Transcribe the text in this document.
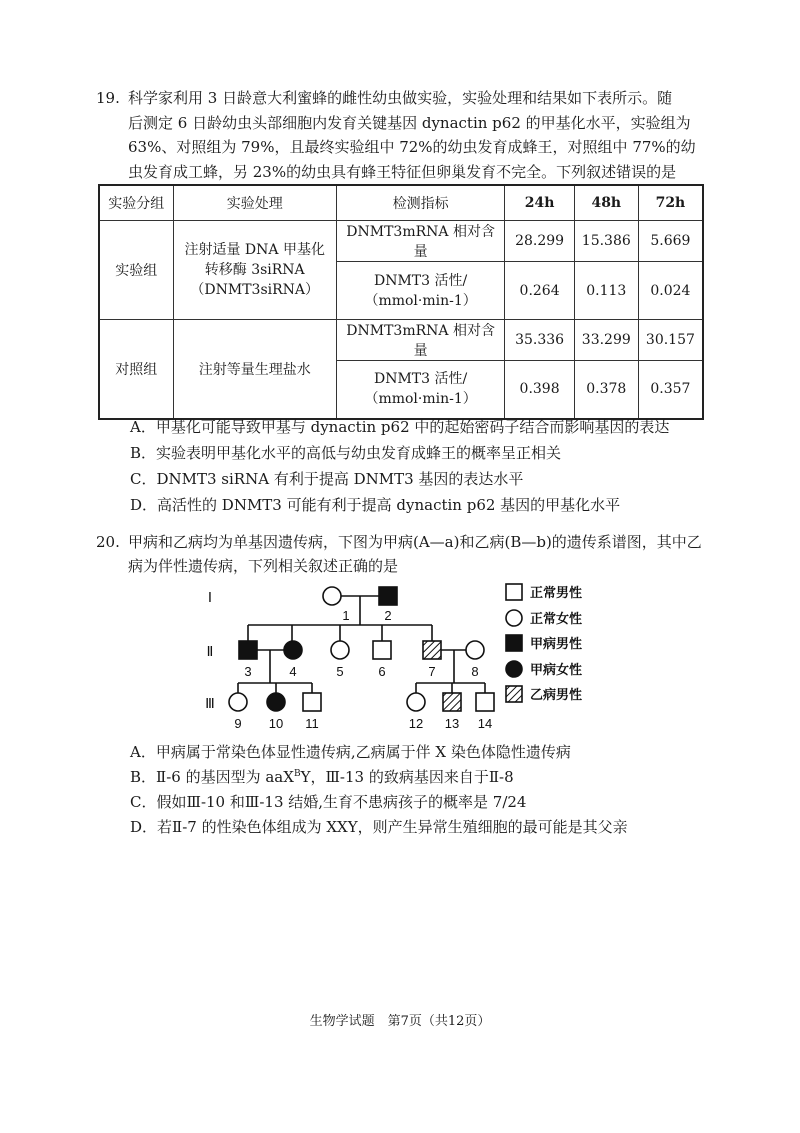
19. 科学家利用 3 日龄意大利蜜蜂的雌性幼虫做实验，实验处理和结果如下表所示。随
后测定 6 日龄幼虫头部细胞内发育关键基因 dynactin p62 的甲基化水平，实验组为
63%、对照组为 79%，且最终实验组中 72%的幼虫发育成蜂王，对照组中 77%的幼
虫发育成工蜂，另 23%的幼虫具有蜂王特征但卵巢发育不完全。下列叙述错误的是
实验分组	实验处理	检测指标	24h	48h	72h
实验组	注射适量 DNA 甲基化
转移酶 3siRNA
（DNMT3siRNA）	DNMT3mRNA 相对含量	28.299	15.386	5.669

		DNMT3 活性/
（mmol·min-1）	0.264	0.113	0.024
对照组	注射等量生理盐水	DNMT3mRNA 相对含量	35.336	33.299	30.157

		DNMT3 活性/
（mmol·min-1）	0.398	0.378	0.357
A．甲基化可能导致甲基与 dynactin p62 中的起始密码子结合而影响基因的表达
B．实验表明甲基化水平的高低与幼虫发育成蜂王的概率呈正相关
C．DNMT3 siRNA 有利于提高 DNMT3 基因的表达水平
D．高活性的 DNMT3 可能有利于提高 dynactin p62 基因的甲基化水平
20. 甲病和乙病均为单基因遗传病，下图为甲病(A—a)和乙病(B—b)的遗传系谱图，其中乙
病为伴性遗传病，下列相关叙述正确的是
Ⅰ
Ⅱ
Ⅲ
1	2
3	4	5	6	7	8
9 10 11	12 13 14
正常男性
正常女性
甲病男性
甲病女性
乙病男性
A．甲病属于常染色体显性遗传病,乙病属于伴 X 染色体隐性遗传病
B．Ⅱ-6 的基因型为 aaX$^B$Y，Ⅲ-13 的致病基因来自于Ⅱ-8
C．假如Ⅲ-10 和Ⅲ-13 结婚,生育不患病孩子的概率是 7/24
D．若Ⅱ-7 的性染色体组成为 XXY，则产生异常生殖细胞的最可能是其父亲
生物学试题　第7页（共12页）
